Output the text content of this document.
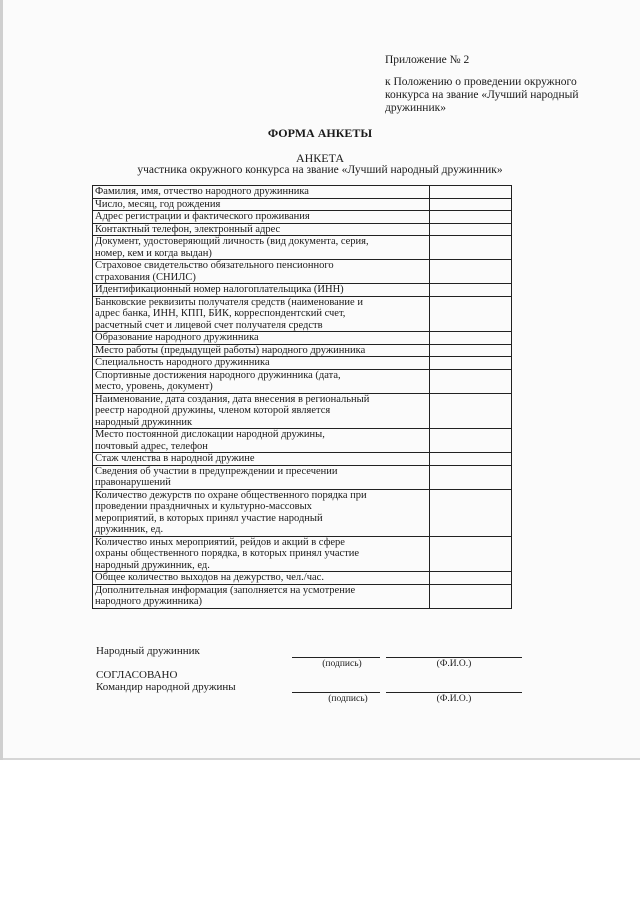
Приложение № 2
к Положению о проведении окружного
конкурса на звание «Лучший народный
дружинник»
ФОРМА АНКЕТЫ
АНКЕТА
участника окружного конкурса на звание «Лучший народный дружинник»
Фамилия, имя, отчество народного дружинника	

Число, месяц, год рождения	

Адрес регистрации и фактического проживания	

Контактный телефон, электронный адрес	

Документ, удостоверяющий личность (вид документа, серия,
номер, кем и когда выдан)	

Страховое свидетельство обязательного пенсионного
страхования (СНИЛС)	

Идентификационный номер налогоплательщика (ИНН)	

Банковские реквизиты получателя средств (наименование и
адрес банка, ИНН, КПП, БИК, корреспондентский счет,
расчетный счет и лицевой счет получателя средств	

Образование народного дружинника	

Место работы (предыдущей работы) народного дружинника	

Специальность народного дружинника	

Спортивные достижения народного дружинника (дата,
место, уровень, документ)	

Наименование, дата создания, дата внесения в региональный
реестр народной дружины, членом которой является
народный дружинник	

Место постоянной дислокации народной дружины,
почтовый адрес, телефон	

Стаж членства в народной дружине	

Сведения об участии в предупреждении и пресечении
правонарушений	

Количество дежурств по охране общественного порядка при
проведении праздничных и культурно-массовых
мероприятий, в которых принял участие народный
дружинник, ед.	

Количество иных мероприятий, рейдов и акций в сфере
охраны общественного порядка, в которых принял участие
народный дружинник, ед.	

Общее количество выходов на дежурство, чел./час.	

Дополнительная информация (заполняется на усмотрение
народного дружинника)	

Народный дружинник
(подпись)	(Ф.И.О.)
СОГЛАСОВАНО
Командир народной дружины
(подпись)	(Ф.И.О.)
